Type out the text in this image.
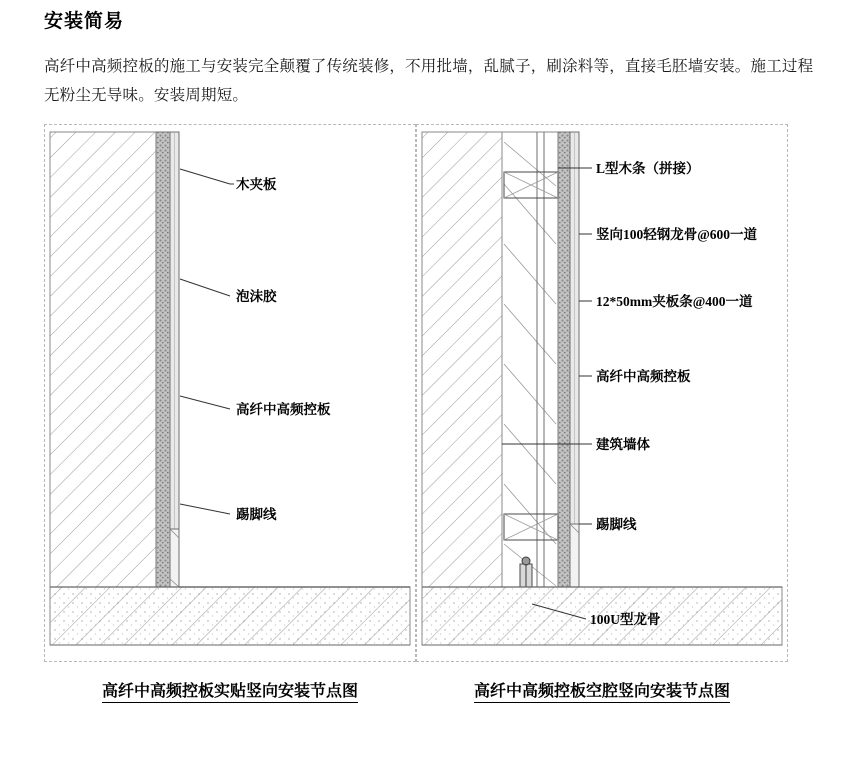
安装简易
高纤中高频控板的施工与安装完全颠覆了传统装修，不用批墙，乱腻子，刷涂料等，直接毛胚墙安装。施工过程无粉尘无导味。安装周期短。
木夹板
泡沫胶
高纤中高频控板
踢脚线
高纤中高频控板实贴竖向安装节点图
L型木条（拼接）
竖向100轻钢龙骨@600一道
12*50mm夹板条@400一道
高纤中高频控板
建筑墙体
踢脚线
100U型龙骨
高纤中高频控板空腔竖向安装节点图
